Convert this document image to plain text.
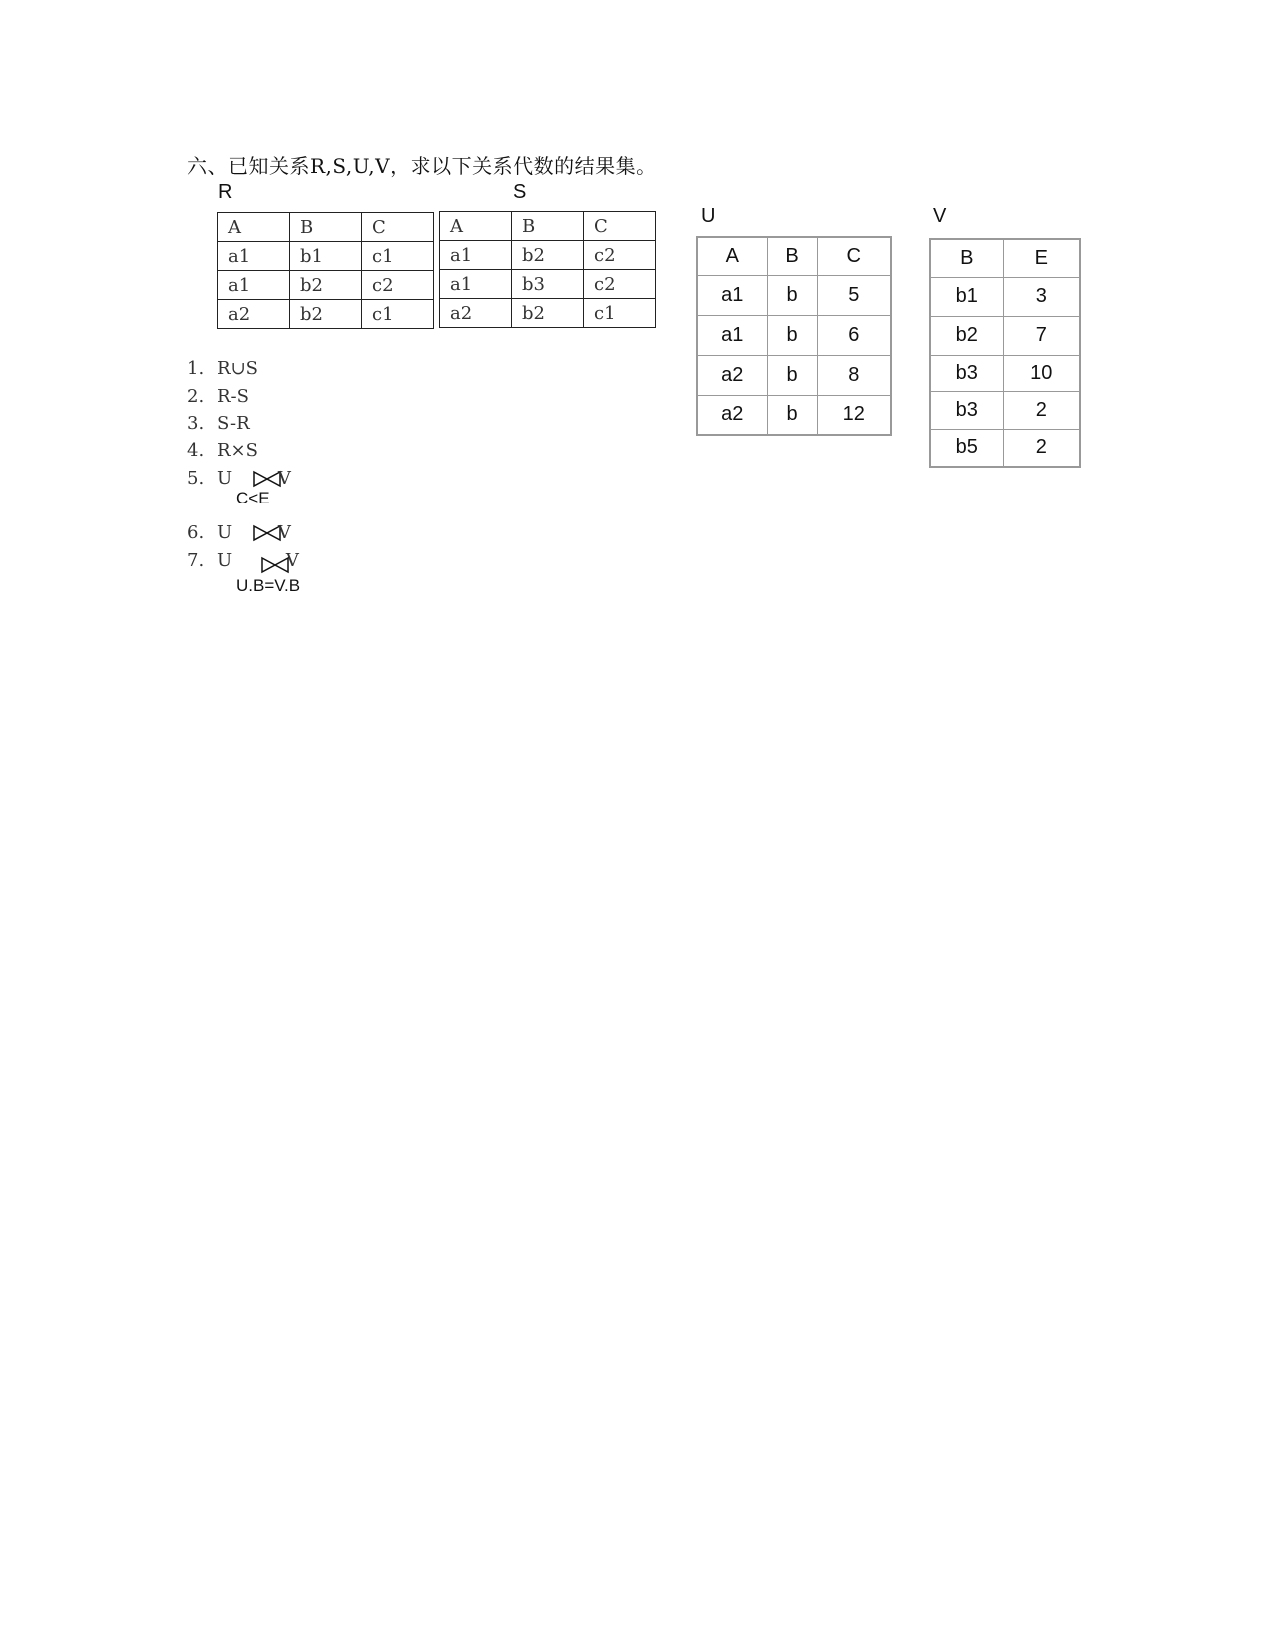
六、已知关系R,S,U,V，求以下关系代数的结果集。
R	S
U	V
A	B	C
a1	b1	c1
a1	b2	c2
a2	b2	c1
A	B	C
a1	b2	c2
a1	b3	c2
a2	b2	c1
A	B	C
a1	b	5
a1	b	6
a2	b	8
a2	b	12
B	E
b1	3
b2	7
b3	10
b3	2
b5	2
1. R∪S
2. R-S
3. S-R
4. R×S
5. U	V
C<E
6. U	V
7. U	V
U.B=V.B
